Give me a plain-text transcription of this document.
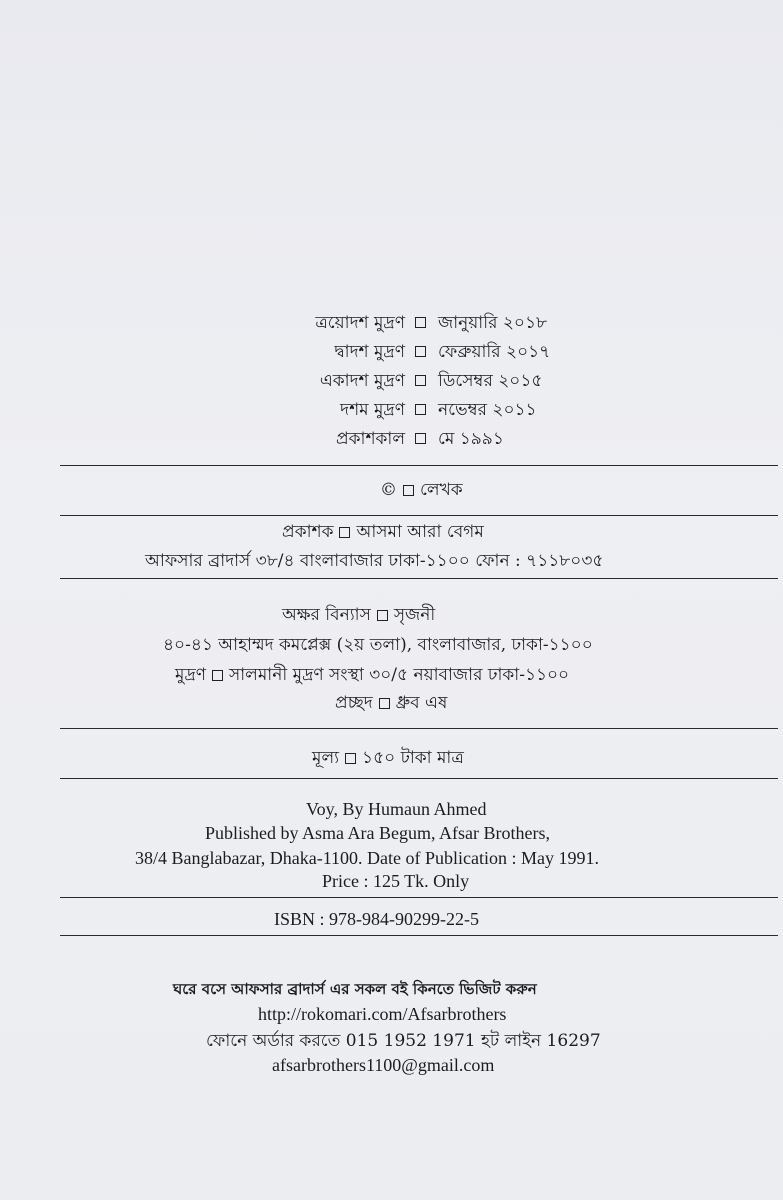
ত্রয়োদশ মুদ্রণ জানুয়ারি ২০১৮
দ্বাদশ মুদ্রণ ফেব্রুয়ারি ২০১৭
একাদশ মুদ্রণ ডিসেম্বর ২০১৫
দশম মুদ্রণ নভেম্বর ২০১১
প্রকাশকাল মে ১৯৯১
© লেখক
প্রকাশক আসমা আরা বেগম
আফসার ব্রাদার্স ৩৮/৪ বাংলাবাজার ঢাকা-১১০০ ফোন : ৭১১৮০৩৫
অক্ষর বিন্যাস সৃজনী
৪০-৪১ আহাম্মদ কমপ্লেক্স (২য় তলা), বাংলাবাজার, ঢাকা-১১০০
মুদ্রণ সালমানী মুদ্রণ সংস্থা ৩০/৫ নয়াবাজার ঢাকা-১১০০
প্রচ্ছদ ধ্রুব এষ
মূল্য ১৫০ টাকা মাত্র
Voy, By Humaun Ahmed
Published by Asma Ara Begum, Afsar Brothers,
38/4 Banglabazar, Dhaka-1100. Date of Publication : May 1991.
Price : 125 Tk. Only
ISBN : 978-984-90299-22-5
ঘরে বসে আফসার ব্রাদার্স এর সকল বই কিনতে ভিজিট করুন
http://rokomari.com/Afsarbrothers
ফোনে অর্ডার করতে 015 1952 1971 হট লাইন 16297
afsarbrothers1100@gmail.com
